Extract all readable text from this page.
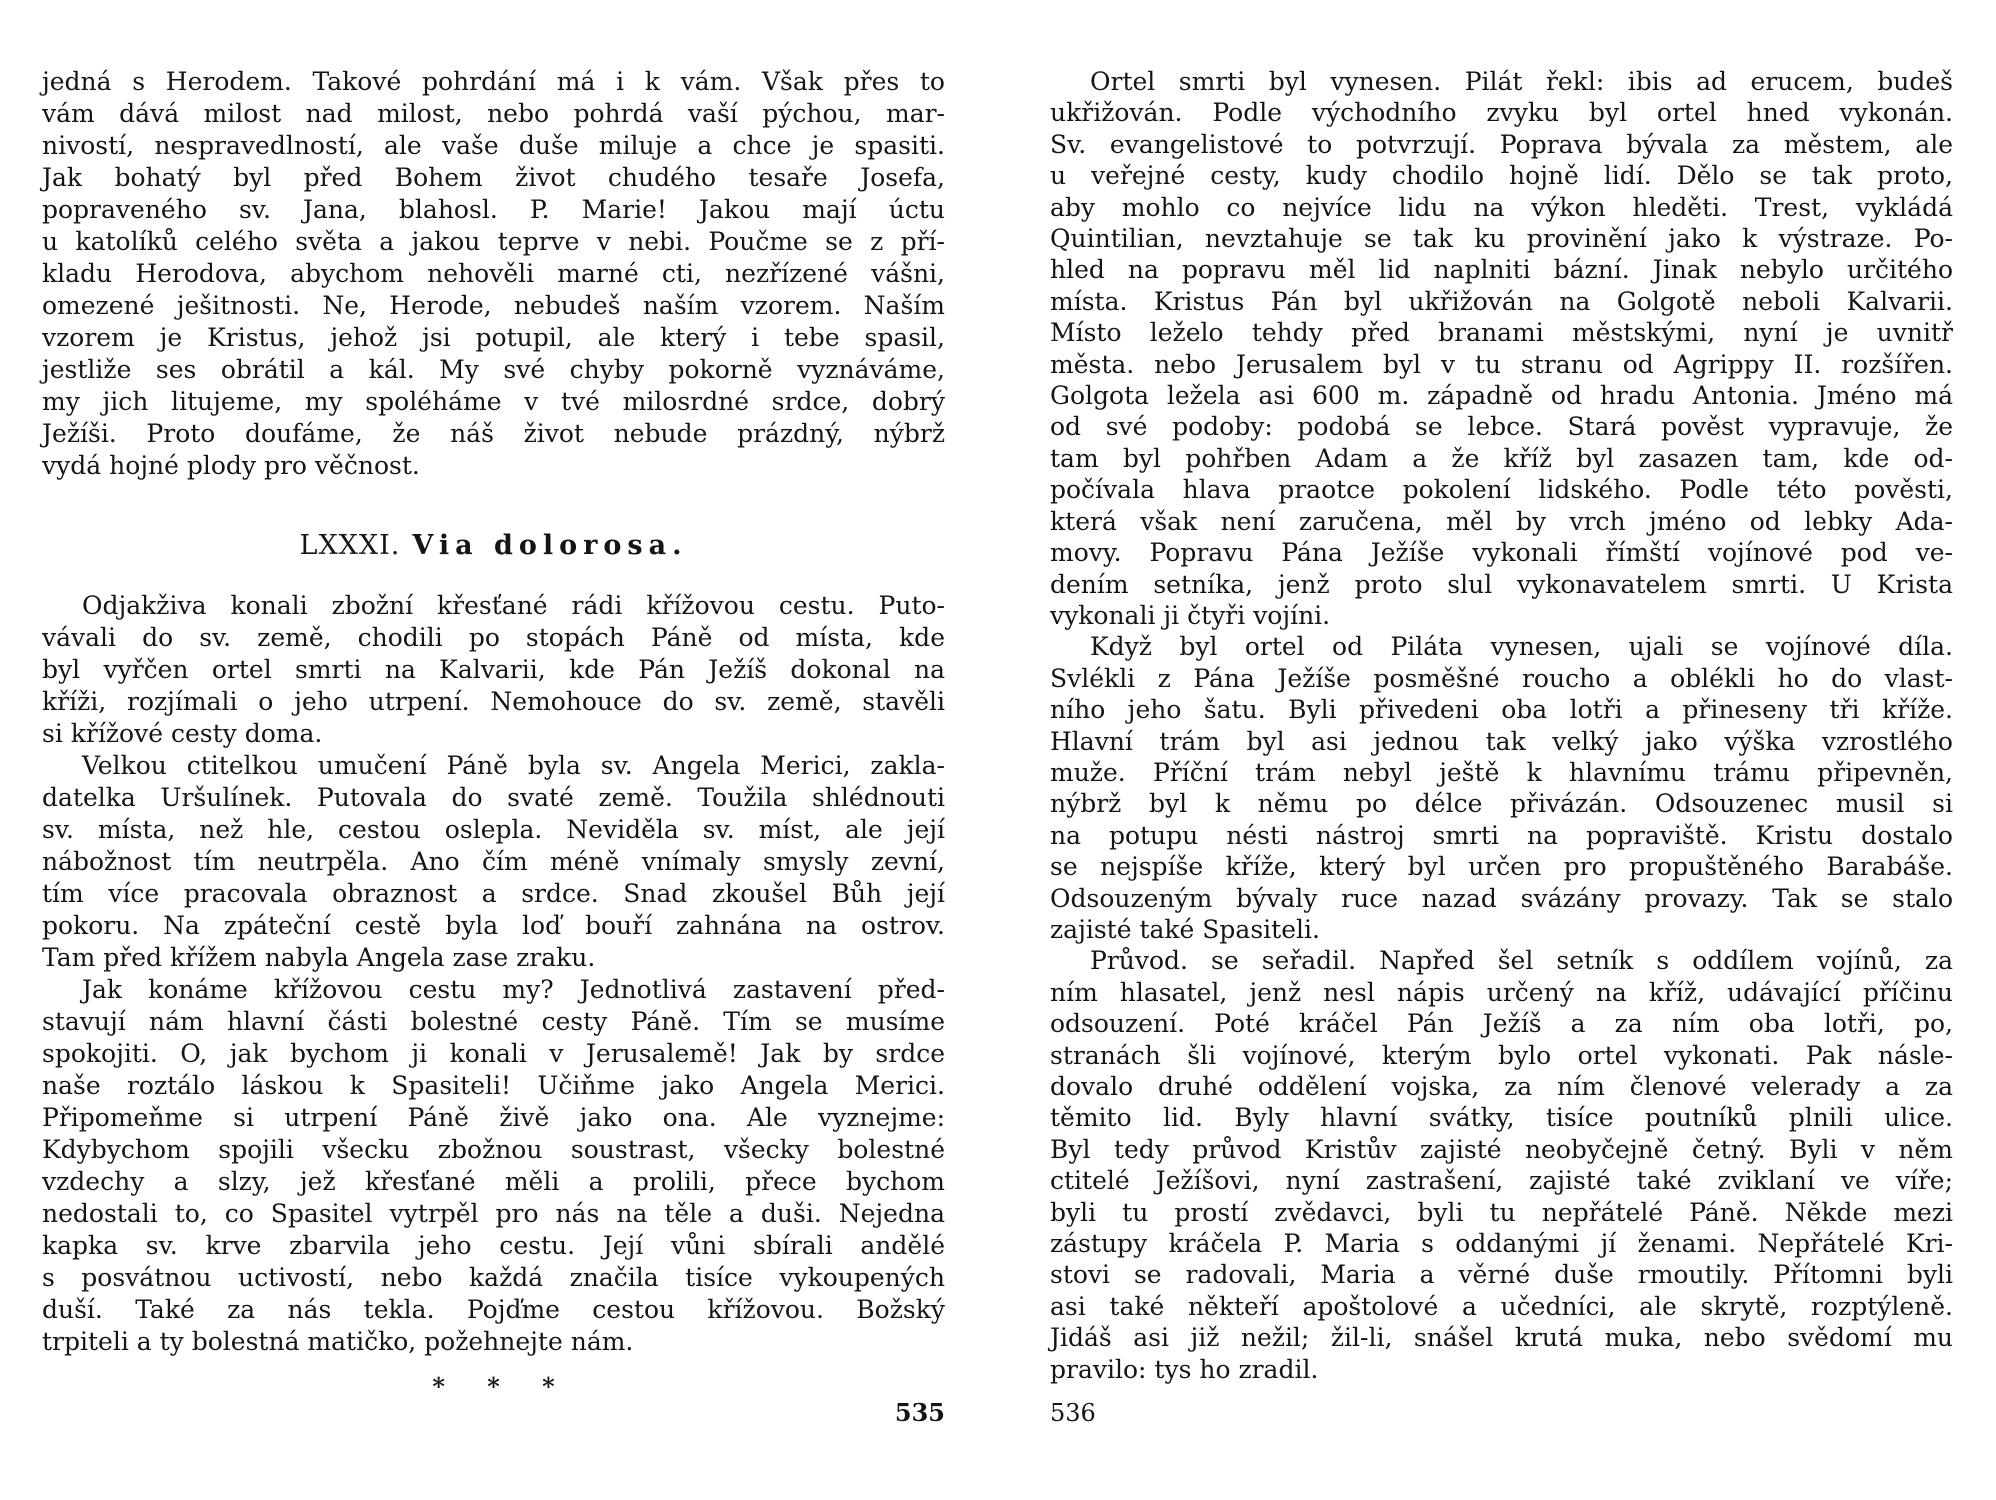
jedná s Herodem. Takové pohrdání má i k vám. Však přes to
vám dává milost nad milost, nebo pohrdá vaší pýchou, mar-
nivostí, nespravedlností, ale vaše duše miluje a chce je spasiti.
Jak bohatý byl před Bohem život chudého tesaře Josefa,
popraveného sv. Jana, blahosl. P. Marie! Jakou mají úctu
u katolíků celého světa a jakou teprve v nebi. Poučme se z pří-
kladu Herodova, abychom nehověli marné cti, nezřízené vášni,
omezené ješitnosti. Ne, Herode, nebudeš naším vzorem. Naším
vzorem je Kristus, jehož jsi potupil, ale který i tebe spasil,
jestliže ses obrátil a kál. My své chyby pokorně vyznáváme,
my jich litujeme, my spoléháme v tvé milosrdné srdce, dobrý
Ježíši. Proto doufáme, že náš život nebude prázdný, nýbrž
vydá hojné plody pro věčnost.
LXXXI. Via dolorosa.
Odjakživa konali zbožní křesťané rádi křížovou cestu. Puto-
vávali do sv. země, chodili po stopách Páně od místa, kde
byl vyřčen ortel smrti na Kalvarii, kde Pán Ježíš dokonal na
kříži, rozjímali o jeho utrpení. Nemohouce do sv. země, stavěli
si křížové cesty doma.
Velkou ctitelkou umučení Páně byla sv. Angela Merici, zakla-
datelka Uršulínek. Putovala do svaté země. Toužila shlédnouti
sv. místa, než hle, cestou oslepla. Neviděla sv. míst, ale její
nábožnost tím neutrpěla. Ano čím méně vnímaly smysly zevní,
tím více pracovala obraznost a srdce. Snad zkoušel Bůh její
pokoru. Na zpáteční cestě byla loď bouří zahnána na ostrov.
Tam před křížem nabyla Angela zase zraku.
Jak konáme křížovou cestu my? Jednotlivá zastavení před-
stavují nám hlavní části bolestné cesty Páně. Tím se musíme
spokojiti. O, jak bychom ji konali v Jerusalemě! Jak by srdce
naše roztálo láskou k Spasiteli! Učiňme jako Angela Merici.
Připomeňme si utrpení Páně živě jako ona. Ale vyznejme:
Kdybychom spojili všecku zbožnou soustrast, všecky bolestné
vzdechy a slzy, jež křesťané měli a prolili, přece bychom
nedostali to, co Spasitel vytrpěl pro nás na těle a duši. Nejedna
kapka sv. krve zbarvila jeho cestu. Její vůni sbírali andělé
s posvátnou uctivostí, nebo každá značila tisíce vykoupených
duší. Také za nás tekla. Pojďme cestou křížovou. Božský
trpiteli a ty bolestná matičko, požehnejte nám.
* * *
Ortel smrti byl vynesen. Pilát řekl: ibis ad erucem, budeš
ukřižován. Podle východního zvyku byl ortel hned vykonán.
Sv. evangelistové to potvrzují. Poprava bývala za městem, ale
u veřejné cesty, kudy chodilo hojně lidí. Dělo se tak proto,
aby mohlo co nejvíce lidu na výkon hleděti. Trest, vykládá
Quintilian, nevztahuje se tak ku provinění jako k výstraze. Po-
hled na popravu měl lid naplniti bázní. Jinak nebylo určitého
místa. Kristus Pán byl ukřižován na Golgotě neboli Kalvarii.
Místo leželo tehdy před branami městskými, nyní je uvnitř
města. nebo Jerusalem byl v tu stranu od Agrippy II. rozšířen.
Golgota ležela asi 600 m. západně od hradu Antonia. Jméno má
od své podoby: podobá se lebce. Stará pověst vypravuje, že
tam byl pohřben Adam a že kříž byl zasazen tam, kde od-
počívala hlava praotce pokolení lidského. Podle této pověsti,
která však není zaručena, měl by vrch jméno od lebky Ada-
movy. Popravu Pána Ježíše vykonali římští vojínové pod ve-
dením setníka, jenž proto slul vykonavatelem smrti. U Krista
vykonali ji čtyři vojíni.
Když byl ortel od Piláta vynesen, ujali se vojínové díla.
Svlékli z Pána Ježíše posměšné roucho a oblékli ho do vlast-
ního jeho šatu. Byli přivedeni oba lotři a přineseny tři kříže.
Hlavní trám byl asi jednou tak velký jako výška vzrostlého
muže. Příční trám nebyl ještě k hlavnímu trámu připevněn,
nýbrž byl k němu po délce přivázán. Odsouzenec musil si
na potupu nésti nástroj smrti na popraviště. Kristu dostalo
se nejspíše kříže, který byl určen pro propuštěného Barabáše.
Odsouzeným bývaly ruce nazad svázány provazy. Tak se stalo
zajisté také Spasiteli.
Průvod. se seřadil. Napřed šel setník s oddílem vojínů, za
ním hlasatel, jenž nesl nápis určený na kříž, udávající příčinu
odsouzení. Poté kráčel Pán Ježíš a za ním oba lotři, po,
stranách šli vojínové, kterým bylo ortel vykonati. Pak násle-
dovalo druhé oddělení vojska, za ním členové velerady a za
těmito lid. Byly hlavní svátky, tisíce poutníků plnili ulice.
Byl tedy průvod Kristův zajisté neobyčejně četný. Byli v něm
ctitelé Ježíšovi, nyní zastrašení, zajisté také zviklaní ve víře;
byli tu prostí zvědavci, byli tu nepřátelé Páně. Někde mezi
zástupy kráčela P. Maria s oddanými jí ženami. Nepřátelé Kri-
stovi se radovali, Maria a věrné duše rmoutily. Přítomni byli
asi také někteří apoštolové a učedníci, ale skrytě, rozptýleně.
Jidáš asi již nežil; žil-li, snášel krutá muka, nebo svědomí mu
pravilo: tys ho zradil.
535	536
